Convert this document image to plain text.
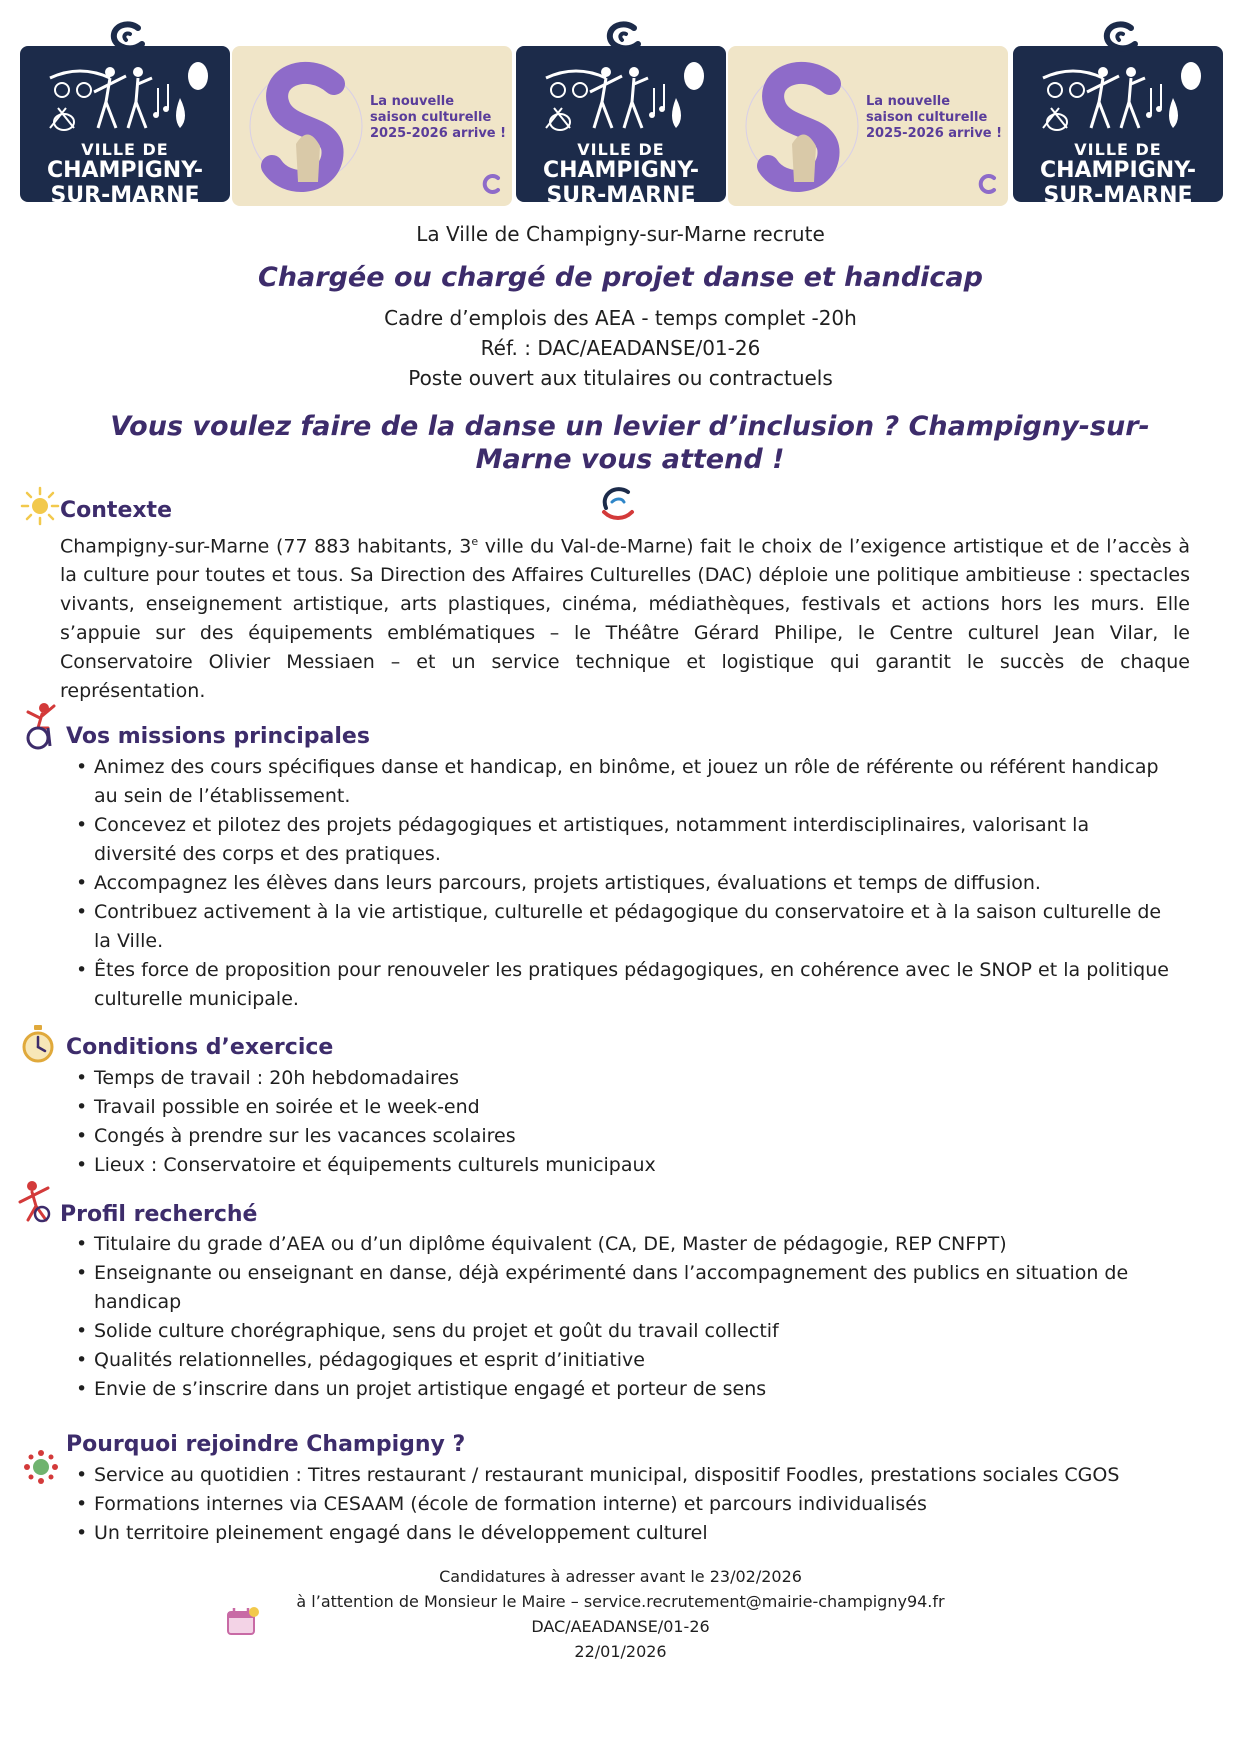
VILLE DE
CHAMPIGNY-
SUR-MARNE
La nouvelle
saison culturelle
2025-2026 arrive !
VILLE DE
CHAMPIGNY-
SUR-MARNE
La nouvelle
saison culturelle
2025-2026 arrive !
VILLE DE
CHAMPIGNY-
SUR-MARNE
La Ville de Champigny-sur-Marne recrute
Chargée ou chargé de projet danse et handicap
Cadre d’emplois des AEA - temps complet -20h
Réf. : DAC/AEADANSE/01-26
Poste ouvert aux titulaires ou contractuels
Vous voulez faire de la danse un levier d’inclusion ? Champigny-sur-Marne vous attend !
Contexte
Champigny-sur-Marne (77 883 habitants, 3e ville du Val-de-Marne) fait le choix de l’exigence artistique et de l’accès à la culture pour toutes et tous. Sa Direction des Affaires Culturelles (DAC) déploie une politique ambitieuse : spectacles vivants, enseignement artistique, arts plastiques, cinéma, médiathèques, festivals et actions hors les murs. Elle s’appuie sur des équipements emblématiques – le Théâtre Gérard Philipe, le Centre culturel Jean Vilar, le Conservatoire Olivier Messiaen – et un service technique et logistique qui garantit le succès de chaque représentation.
Vos missions principales
• Animez des cours spécifiques danse et handicap, en binôme, et jouez un rôle de référente ou référent handicap au sein de l’établissement.
• Concevez et pilotez des projets pédagogiques et artistiques, notamment interdisciplinaires, valorisant la diversité des corps et des pratiques.
• Accompagnez les élèves dans leurs parcours, projets artistiques, évaluations et temps de diffusion.
• Contribuez activement à la vie artistique, culturelle et pédagogique du conservatoire et à la saison culturelle de la Ville.
• Êtes force de proposition pour renouveler les pratiques pédagogiques, en cohérence avec le SNOP et la politique culturelle municipale.
Conditions d’exercice
• Temps de travail : 20h hebdomadaires
• Travail possible en soirée et le week-end
• Congés à prendre sur les vacances scolaires
• Lieux : Conservatoire et équipements culturels municipaux
Profil recherché
• Titulaire du grade d’AEA ou d’un diplôme équivalent (CA, DE, Master de pédagogie, REP CNFPT)
• Enseignante ou enseignant en danse, déjà expérimenté dans l’accompagnement des publics en situation de handicap
• Solide culture chorégraphique, sens du projet et goût du travail collectif
• Qualités relationnelles, pédagogiques et esprit d’initiative
• Envie de s’inscrire dans un projet artistique engagé et porteur de sens
Pourquoi rejoindre Champigny ?
• Service au quotidien : Titres restaurant / restaurant municipal, dispositif Foodles, prestations sociales CGOS
• Formations internes via CESAAM (école de formation interne) et parcours individualisés
• Un territoire pleinement engagé dans le développement culturel
Candidatures à adresser avant le 23/02/2026
à l’attention de Monsieur le Maire – service.recrutement@mairie-champigny94.fr
DAC/AEADANSE/01-26
22/01/2026
